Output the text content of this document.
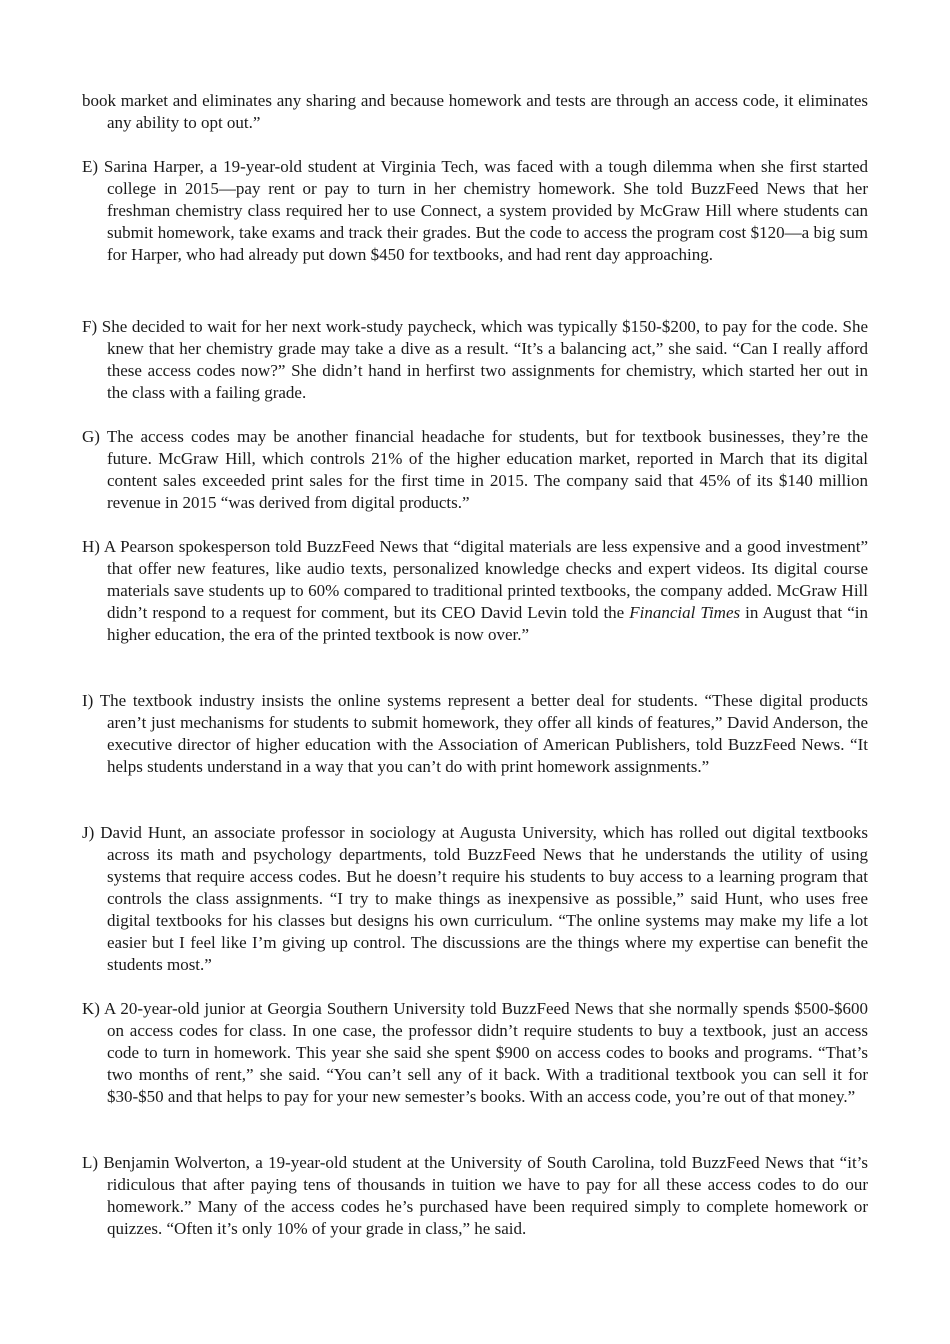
book market and eliminates any sharing and because homework and tests are through an access code, it eliminates any ability to opt out.”

E) Sarina Harper, a 19-year-old student at Virginia Tech, was faced with a tough dilemma when she first started college in 2015—pay rent or pay to turn in her chemistry homework. She told BuzzFeed News that her freshman chemistry class required her to use Connect, a system provided by McGraw Hill where students can submit homework, take exams and track their grades. But the code to access the program cost $120—a big sum for Harper, who had already put down $450 for textbooks, and had rent day approaching.

F) She decided to wait for her next work-study paycheck, which was typically $150-$200, to pay for the code. She knew that her chemistry grade may take a dive as a result. “It’s a balancing act,” she said. “Can I really afford these access codes now?” She didn’t hand in herfirst two assignments for chemistry, which started her out in the class with a failing grade.

G) The access codes may be another financial headache for students, but for textbook businesses, they’re the future. McGraw Hill, which controls 21% of the higher education market, reported in March that its digital content sales exceeded print sales for the first time in 2015. The company said that 45% of its $140 million revenue in 2015 “was derived from digital products.”

H) A Pearson spokesperson told BuzzFeed News that “digital materials are less expensive and a good investment” that offer new features, like audio texts, personalized knowledge checks and expert videos. Its digital course materials save students up to 60% compared to traditional printed textbooks, the company added. McGraw Hill didn’t respond to a request for comment, but its CEO David Levin told the Financial Times in August that “in higher education, the era of the printed textbook is now over.”

I) The textbook industry insists the online systems represent a better deal for students. “These digital products aren’t just mechanisms for students to submit homework, they offer all kinds of features,” David Anderson, the executive director of higher education with the Association of American Publishers, told BuzzFeed News. “It helps students understand in a way that you can’t do with print homework assignments.”

J) David Hunt, an associate professor in sociology at Augusta University, which has rolled out digital textbooks across its math and psychology departments, told BuzzFeed News that he understands the utility of using systems that require access codes. But he doesn’t require his students to buy access to a learning program that controls the class assignments. “I try to make things as inexpensive as possible,” said Hunt, who uses free digital textbooks for his classes but designs his own curriculum. “The online systems may make my life a lot easier but I feel like I’m giving up control. The discussions are the things where my expertise can benefit the students most.”

K) A 20-year-old junior at Georgia Southern University told BuzzFeed News that she normally spends $500-$600 on access codes for class. In one case, the professor didn’t require students to buy a textbook, just an access code to turn in homework. This year she said she spent $900 on access codes to books and programs. “That’s two months of rent,” she said. “You can’t sell any of it back. With a traditional textbook you can sell it for $30-$50 and that helps to pay for your new semester’s books. With an access code, you’re out of that money.”

L) Benjamin Wolverton, a 19-year-old student at the University of South Carolina, told BuzzFeed News that “it’s ridiculous that after paying tens of thousands in tuition we have to pay for all these access codes to do our homework.” Many of the access codes he’s purchased have been required simply to complete homework or quizzes. “Often it’s only 10% of your grade in class,” he said.
